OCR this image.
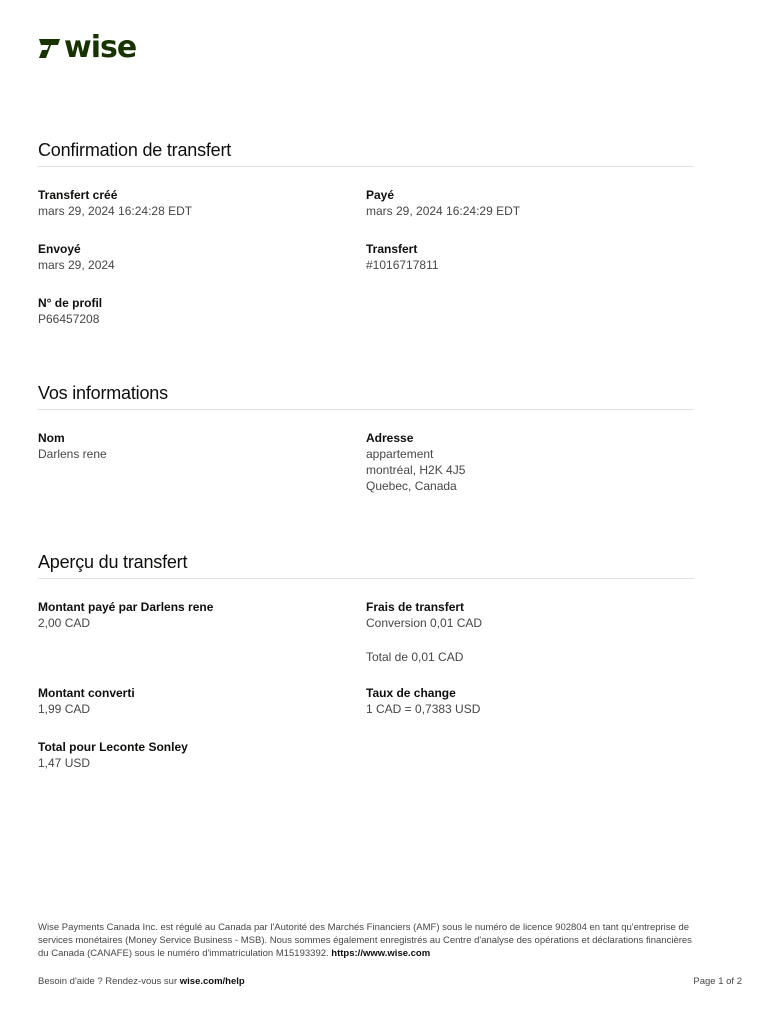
wise
Confirmation de transfert
Transfert créé
mars 29, 2024 16:24:28 EDT
Payé
mars 29, 2024 16:24:29 EDT
Envoyé
mars 29, 2024
Transfert
#1016717811
N° de profil
P66457208
Vos informations
Nom
Darlens rene
Adresse
appartement
montréal, H2K 4J5
Quebec, Canada
Aperçu du transfert
Montant payé par Darlens rene
2,00 CAD
Frais de transfert
Conversion 0,01 CAD
Total de 0,01 CAD
Montant converti
1,99 CAD
Taux de change
1 CAD = 0,7383 USD
Total pour Leconte Sonley
1,47 USD
Wise Payments Canada Inc. est régulé au Canada par l'Autorité des Marchés Financiers (AMF) sous le numéro de licence 902804 en tant qu'entreprise de services monétaires (Money Service Business - MSB). Nous sommes également enregistrés au Centre d'analyse des opérations et déclarations financières du Canada (CANAFE) sous le numéro d'immatriculation M15193392. https://www.wise.com
Besoin d'aide ? Rendez-vous sur wise.com/help	Page 1 of 2
